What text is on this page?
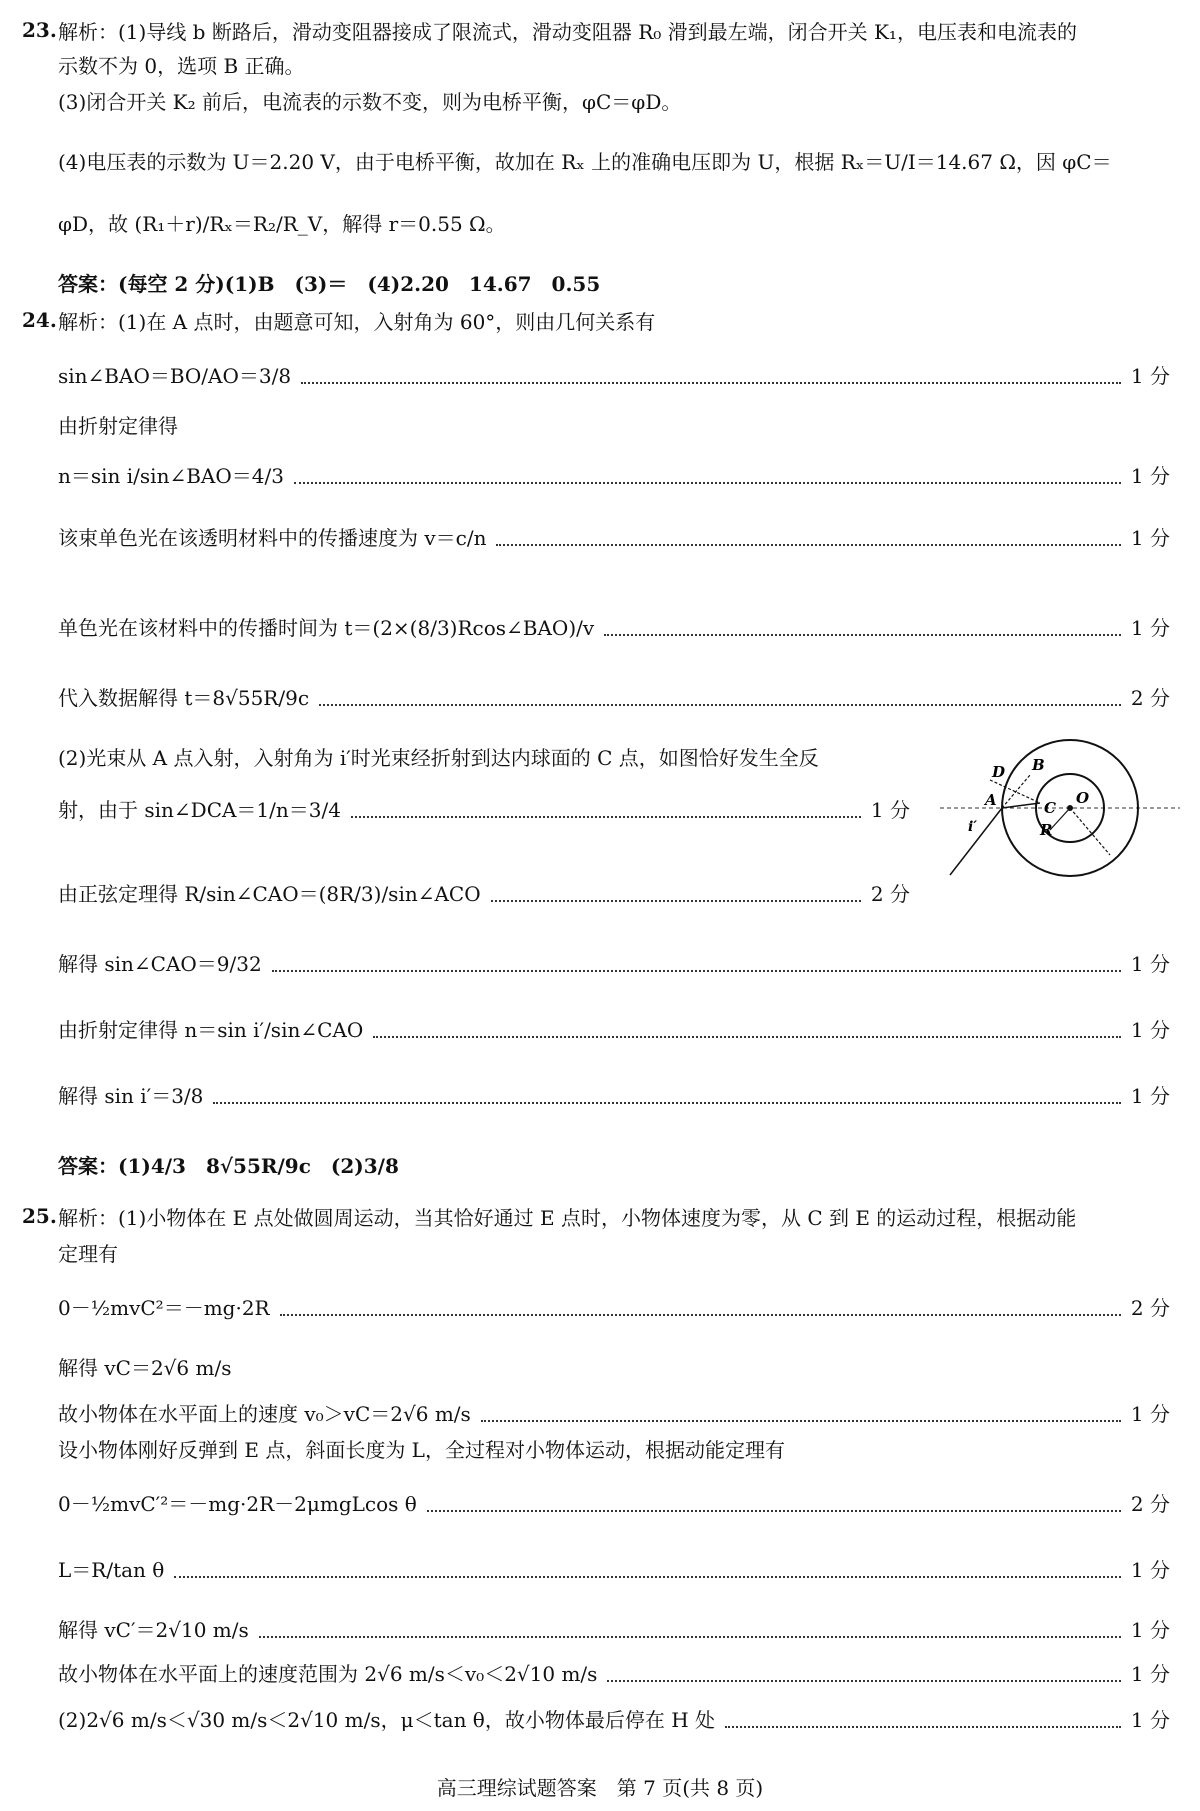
23. 解析：(1)导线 b 断路后，滑动变阻器接成了限流式，滑动变阻器 R₀ 滑到最左端，闭合开关 K₁，电压表和电流表的
示数不为 0，选项 B 正确。
(3)闭合开关 K₂ 前后，电流表的示数不变，则为电桥平衡，φC＝φD。
(4)电压表的示数为 U＝2.20 V，由于电桥平衡，故加在 Rₓ 上的准确电压即为 U，根据 Rₓ＝U/I＝14.67 Ω，因 φC＝
φD，故 (R₁＋r)/Rₓ＝R₂/R_V，解得 r＝0.55 Ω。
答案：(每空 2 分)(1)B　(3)＝　(4)2.20　14.67　0.55
24. 解析：(1)在 A 点时，由题意可知，入射角为 60°，则由几何关系有
sin∠BAO＝BO/AO＝3/8	1 分
由折射定律得
n＝sin i/sin∠BAO＝4/3	1 分
该束单色光在该透明材料中的传播速度为 v＝c/n	1 分
单色光在该材料中的传播时间为 t＝(2×(8/3)Rcos∠BAO)/v	1 分
代入数据解得 t＝8√55R/9c	2 分
(2)光束从 A 点入射，入射角为 i′时光束经折射到达内球面的 C 点，如图恰好发生全反
射，由于 sin∠DCA＝1/n＝3/4	1 分
由正弦定理得 R/sin∠CAO＝(8R/3)/sin∠ACO	2 分
解得 sin∠CAO＝9/32	1 分
由折射定律得 n＝sin i′/sin∠CAO	1 分
解得 sin i′＝3/8	1 分
答案：(1)4/3　8√55R/9c　(2)3/8
D B
A	C
O
R
i′
25. 解析：(1)小物体在 E 点处做圆周运动，当其恰好通过 E 点时，小物体速度为零，从 C 到 E 的运动过程，根据动能
定理有
0－½mvC²＝－mg·2R	2 分
解得 vC＝2√6 m/s
故小物体在水平面上的速度 v₀＞vC＝2√6 m/s	1 分
设小物体刚好反弹到 E 点，斜面长度为 L，全过程对小物体运动，根据动能定理有
0－½mvC′²＝－mg·2R－2μmgLcos θ	2 分
L＝R/tan θ	1 分
解得 vC′＝2√10 m/s	1 分
故小物体在水平面上的速度范围为 2√6 m/s＜v₀＜2√10 m/s	1 分
(2)2√6 m/s＜√30 m/s＜2√10 m/s，μ＜tan θ，故小物体最后停在 H 处	1 分
高三理综试题答案　第 7 页(共 8 页)
